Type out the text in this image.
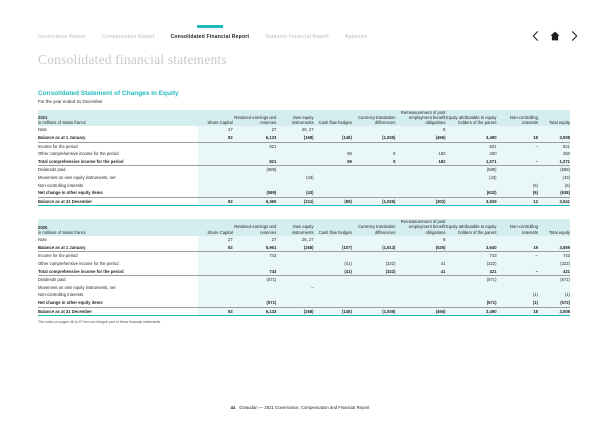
Governance Report	Compensation Report	Consolidated Financial Report	Statutory Financial Report	Appendix
Consolidated financial statements
Consolidated Statement of Changes in Equity
For the year ended 31 December
2021
in millions of Swiss francs	Share Capital	Retained earnings and reserves	Own equity instruments	Cash flow hedges	Currency translation differences	Remeasurement of post employment benefit obligations	Equity attributable to equity holders of the parent	Non-controlling interests	Total equity
Note	27	27	26, 27			8			
Balance as at 1 January	92	6,133	(168)	(148)	(1,935)	(466)	3,490	18	3,508
Income for the period		821					821	–	821
Other comprehensive income for the period				59	9	182	250		250
Total comprehensive income for the period		821		59	9	182	1,071	–	1,071
Dividends paid		(589)					(589)		(589)
Movement on own equity instruments, net			(43)				(43)		(43)
Non-controlling interests								(6)	(6)
Net change in other equity items		(589)	(43)				(632)	(6)	(638)
Balance as at 31 December	92	6,365	(211)	(89)	(1,926)	(302)	3,929	12	3,941
2020
in millions of Swiss francs	Share Capital	Retained earnings and reserves	Own equity instruments	Cash flow hedges	Currency translation differences	Remeasurement of post employment benefit obligations	Equity attributable to equity holders of the parent	Non-controlling interests	Total equity
Note	27	27	26, 27			8			
Balance as at 1 January	92	5,961	(168)	(107)	(1,613)	(525)	3,640	19	3,659
Income for the period		743					743	–	743
Other comprehensive income for the period				(41)	(322)	41	(322)		(322)
Total comprehensive income for the period		743		(41)	(322)	41	421	–	421
Dividends paid		(571)					(571)		(571)
Movement on own equity instruments, net			–						
Non-controlling interests								(1)	(1)
Net change in other equity items		(571)					(571)	(1)	(572)
Balance as at 31 December	92	6,133	(168)	(148)	(1,935)	(466)	3,490	18	3,508
The notes on pages 46 to 97 form an integral part of these financial statements.
44 Givaudan — 2021 Governance, Compensation and Financial Report
